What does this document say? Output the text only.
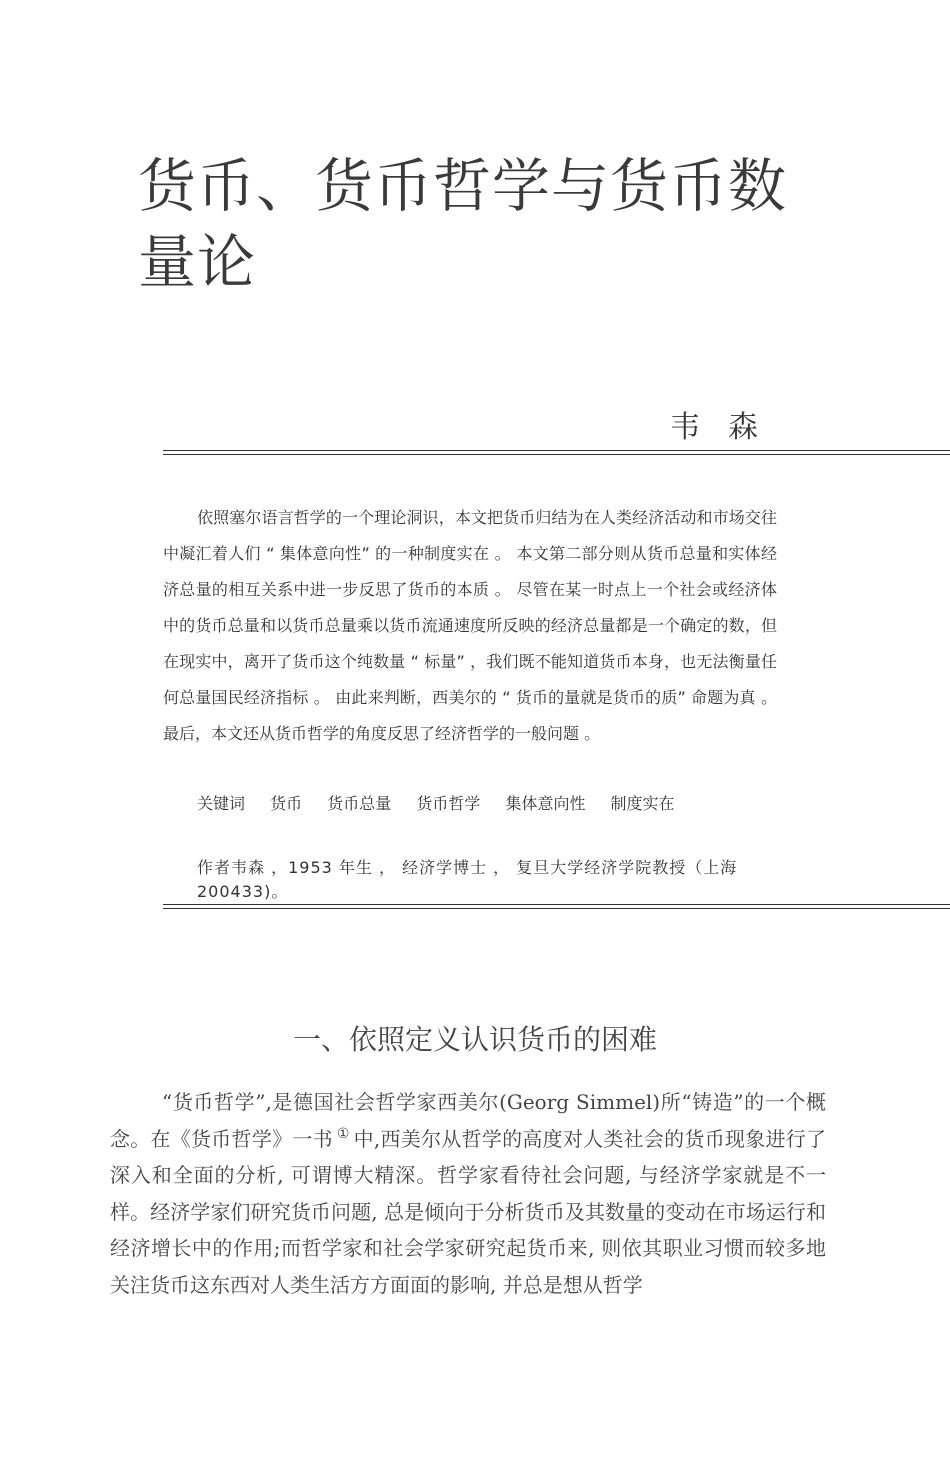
货币、货币哲学与货币数量论
韦森

依照塞尔语言哲学的一个理论洞识，本文把货币归结为在人类经济活动和市场交往中凝汇着人们 “ 集体意向性” 的一种制度实在 。 本文第二部分则从货币总量和实体经济总量的相互关系中进一步反思了货币的本质 。 尽管在某一时点上一个社会或经济体中的货币总量和以货币总量乘以货币流通速度所反映的经济总量都是一个确定的数，但在现实中，离开了货币这个纯数量 “ 标量” ，我们既不能知道货币本身，也无法衡量任何总量国民经济指标 。 由此来判断，西美尔的 “ 货币的量就是货币的质” 命题为真 。 最后，本文还从货币哲学的角度反思了经济哲学的一般问题 。

关键词 货币 货币总量 货币哲学 集体意向性 制度实在

作者韦森 ，1953 年生 ， 经济学博士 ， 复旦大学经济学院教授（上海 200433)。

一、依照定义认识货币的困难

“货币哲学”,是德国社会哲学家西美尔(Georg Simmel)所“铸造”的一个概念。在《货币哲学》一书 ① 中,西美尔从哲学的高度对人类社会的货币现象进行了深入和全面的分析, 可谓博大精深。哲学家看待社会问题, 与经济学家就是不一样。经济学家们研究货币问题, 总是倾向于分析货币及其数量的变动在市场运行和经济增长中的作用;而哲学家和社会学家研究起货币来, 则依其职业习惯而较多地关注货币这东西对人类生活方方面面的影响, 并总是想从哲学
